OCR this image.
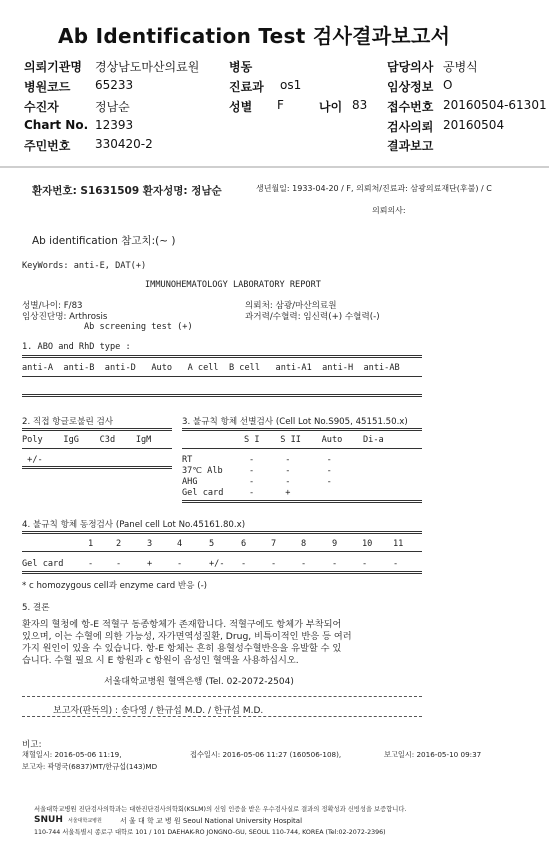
Ab Identification Test 검사결과보고서
의뢰기관명 경상남도마산의료원 병동	담당의사 공병식
병원코드 65233	진료과 os1	임상정보 O
수진자	정남순	성별 F	나이 83 접수번호 20160504-61301
Chart No. 12393	검사의뢰 20160504
주민번호 330420-2	결과보고
환자번호: S1631509 환자성명: 정남순	생년월일: 1933-04-20 / F, 의뢰처/진료과: 삼광의료재단(후불) / C
의뢰의사:
Ab identification 참고치:(~ )
KeyWords: anti-E, DAT(+)
IMMUNOHEMATOLOGY LABORATORY REPORT
성별/나이: F/83
임상진단명: Arthrosis
Ab screening test (+)
의뢰처: 삼광/마산의료원
과거력/수혈력: 임신력(+) 수혈력(-)
1. ABO and RhD type :
anti-A  anti-B  anti-D   Auto   A cell  B cell   anti-A1  anti-H  anti-AB
2. 직접 항글로불린 검사
Poly    IgG    C3d    IgM
+/-
3. 불규칙 항체 선별검사 (Cell Lot No.S905, 45151.50.x)
S I    S II    Auto    Di-a
RT	-      -       -
37℃ Alb	-      -       -
AHG	-      -       -
Gel card	-      +
4. 불규칙 항체 동정검사 (Panel cell Lot No.45161.80.x)
1	2	3	4	5	6	7	8	9	10 11
Gel card	-	-	+	-	+/- -	-	-	-	-	-
* c homozygous cell과 enzyme card 반응 (-)
5. 결론
환자의 혈청에 항-E 적혈구 동종항체가 존재합니다. 적혈구에도 항체가 부착되어
있으며, 이는 수혈에 의한 가능성, 자가면역성질환, Drug, 비특이적인 반응 등 여러
가지 원인이 있을 수 있습니다. 항-E 항체는 흔히 용혈성수혈반응을 유발할 수 있
습니다. 수혈 필요 시 E 항원과 c 항원이 음성인 혈액을 사용하십시오.
서울대학교병원 혈액은행 (Tel. 02-2072-2504)
보고자(판독의) : 송다영 / 한규섭 M.D. / 한규섭 M.D.
비고:
채혈일시: 2016-05-06 11:19,	접수일시: 2016-05-06 11:27 (160506-108),	보고일시: 2016-05-10 09:37
보고자: 곽명국(6837)MT/한규섭(143)MD
서울대학교병원 진단검사의학과는 대한진단검사의학회(KSLM)의 신임 인증을 받은 우수검사실로 결과의 정확성과 신빙성을 보증합니다.
SNUH 서울대학교병원	서 울 대 학 교 병 원 Seoul National University Hospital
110-744 서울특별시 종로구 대학로 101 / 101 DAEHAK-RO JONGNO-GU, SEOUL 110-744, KOREA (Tel:02-2072-2396)
